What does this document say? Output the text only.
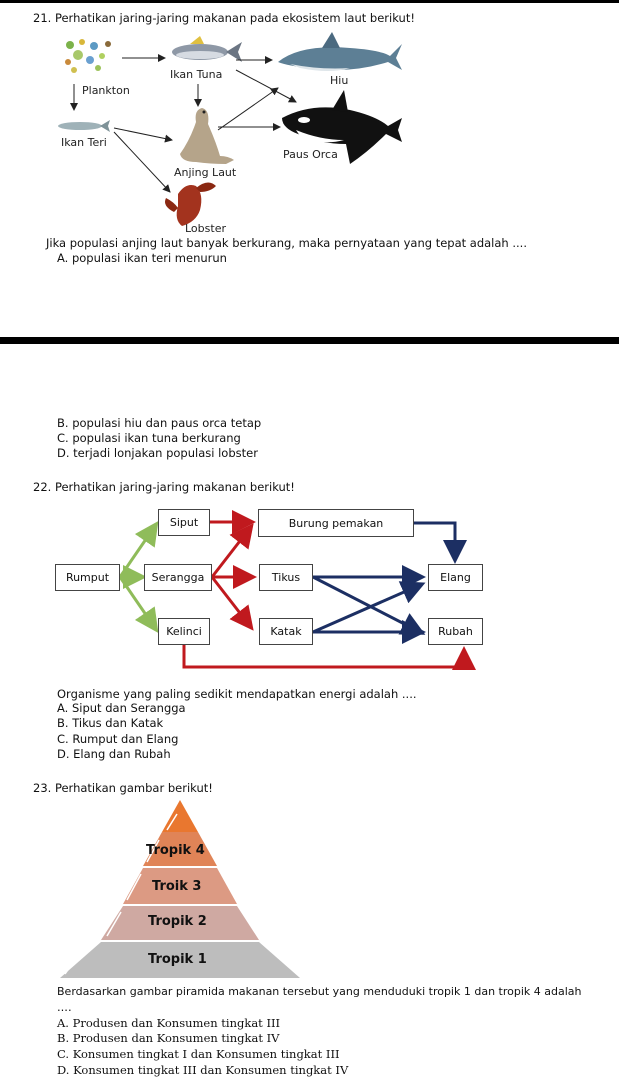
21. Perhatikan jaring-jaring makanan pada ekosistem laut berikut!
Ikan Tuna	Hiu
Plankton
Ikan Teri
Paus Orca
Anjing Laut
Lobster
Jika populasi anjing laut banyak berkurang, maka pernyataan yang tepat adalah ....
A. populasi ikan teri menurun
B. populasi hiu dan paus orca tetap
C. populasi ikan tuna berkurang
D. terjadi lonjakan populasi lobster
22. Perhatikan jaring-jaring makanan berikut!
Siput	Burung pemakan
Rumput	Serangga	Tikus	Elang
Kelinci	Katak	Rubah
Organisme yang paling sedikit mendapatkan energi adalah ....
A. Siput dan Serangga
B. Tikus dan Katak
C. Rumput dan Elang
D. Elang dan Rubah
23. Perhatikan gambar berikut!
Tropik 4
Troik 3
Tropik 2
Tropik 1
Berdasarkan gambar piramida makanan tersebut yang menduduki tropik 1 dan tropik 4 adalah
....
A. Produsen dan Konsumen tingkat III
B. Produsen dan Konsumen tingkat IV
C. Konsumen tingkat I dan Konsumen tingkat III
D. Konsumen tingkat III dan Konsumen tingkat IV
